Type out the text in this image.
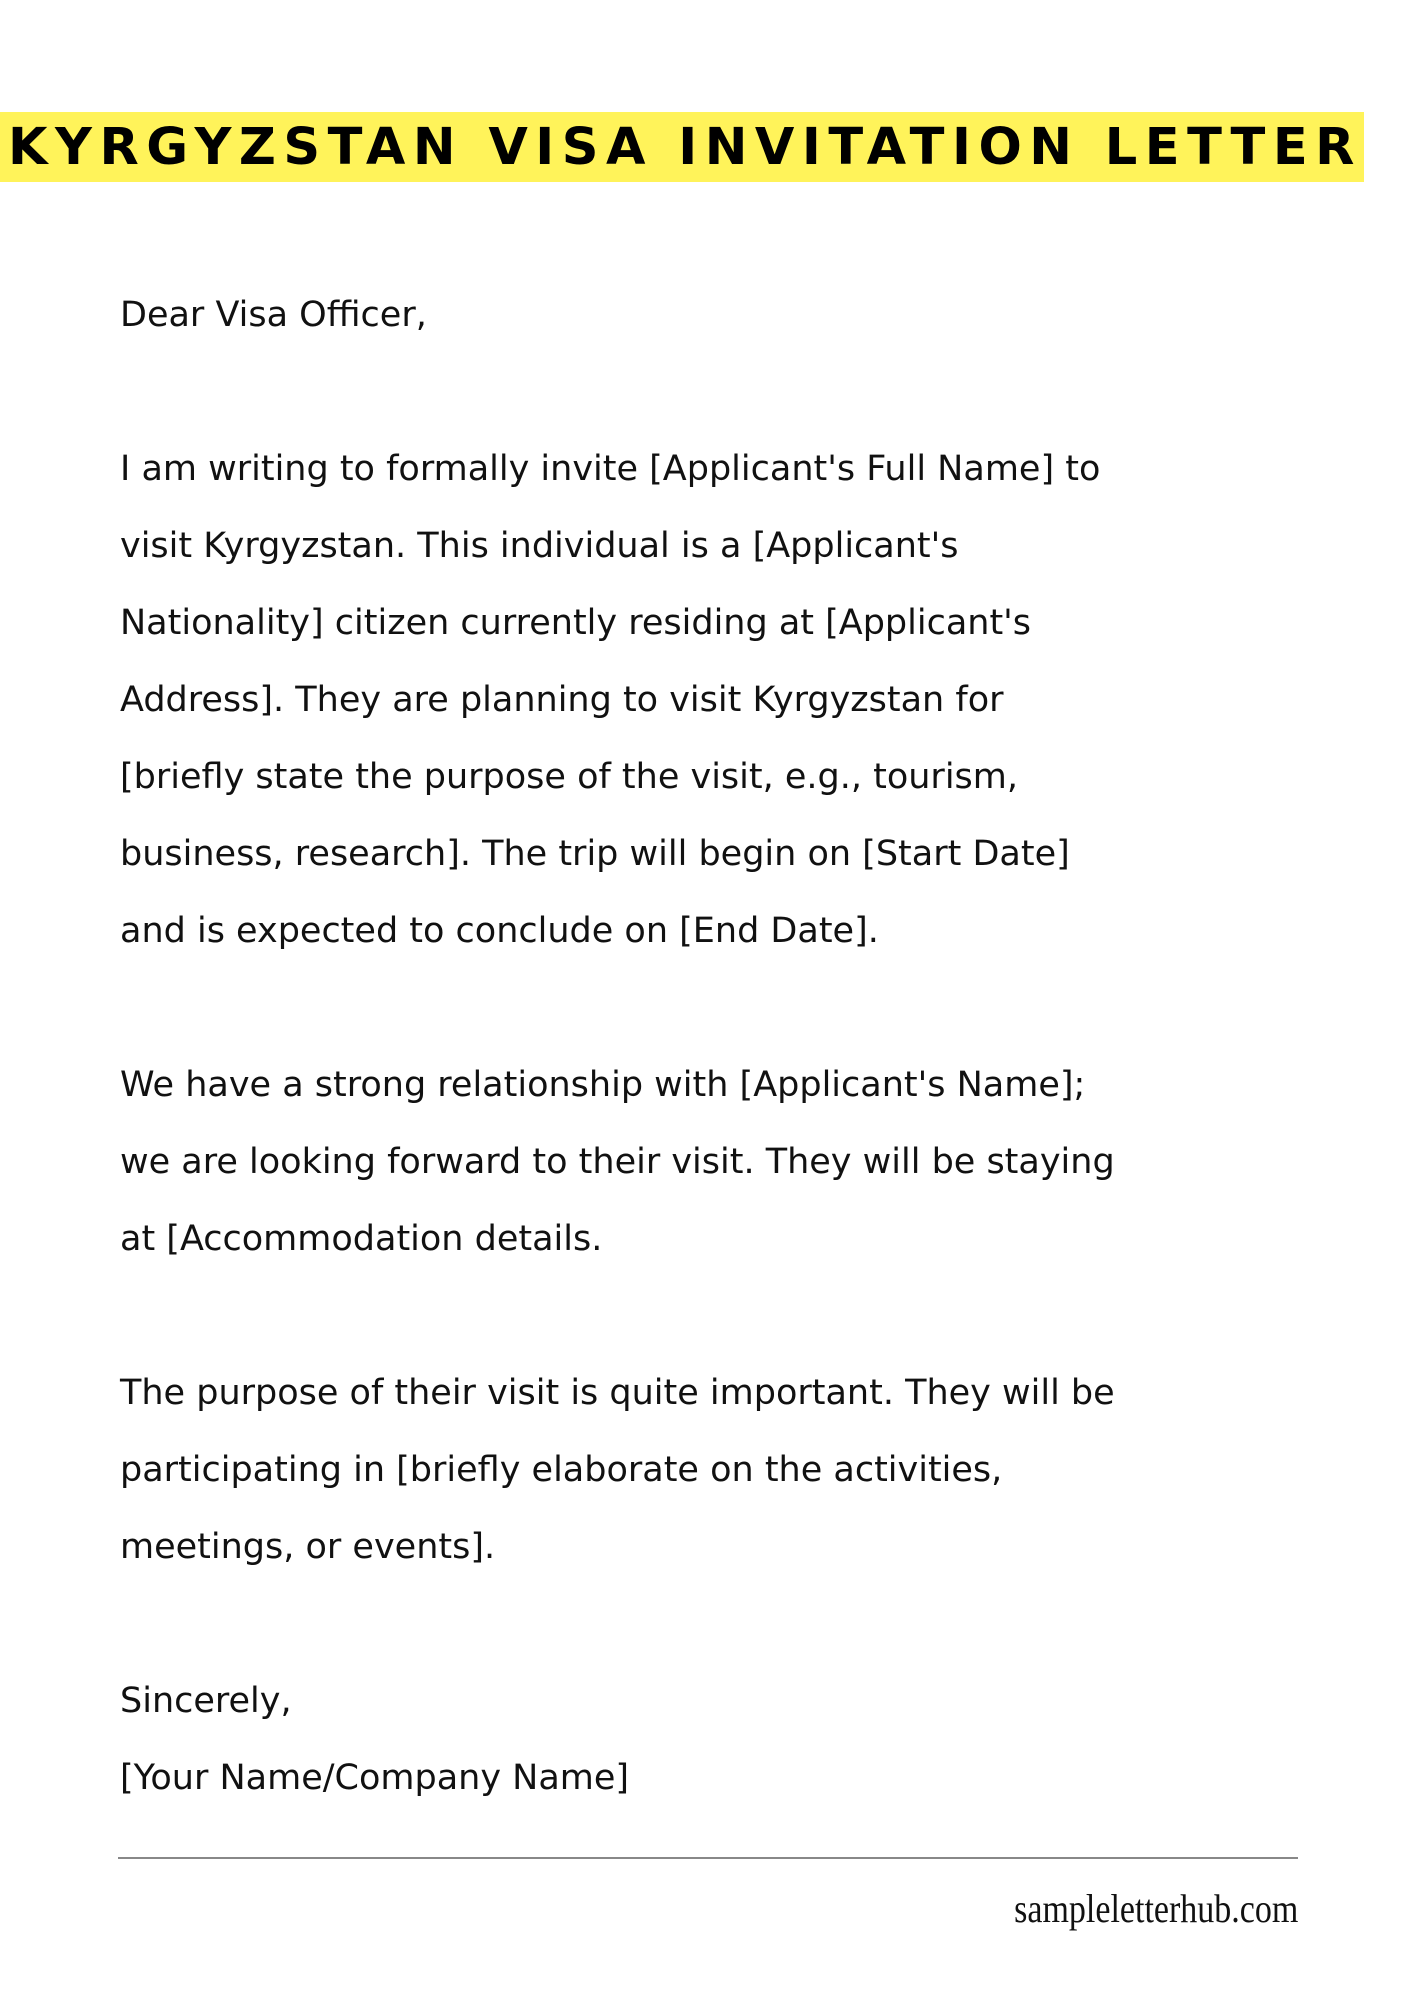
KYRGYZSTAN VISA INVITATION LETTER
Dear Visa Officer,
I am writing to formally invite [Applicant's Full Name] to
visit Kyrgyzstan. This individual is a [Applicant's
Nationality] citizen currently residing at [Applicant's
Address]. They are planning to visit Kyrgyzstan for
[briefly state the purpose of the visit, e.g., tourism,
business, research]. The trip will begin on [Start Date]
and is expected to conclude on [End Date].
We have a strong relationship with [Applicant's Name];
we are looking forward to their visit. They will be staying
at [Accommodation details.
The purpose of their visit is quite important. They will be
participating in [briefly elaborate on the activities,
meetings, or events].
Sincerely,
[Your Name/Company Name]
sampleletterhub.com
